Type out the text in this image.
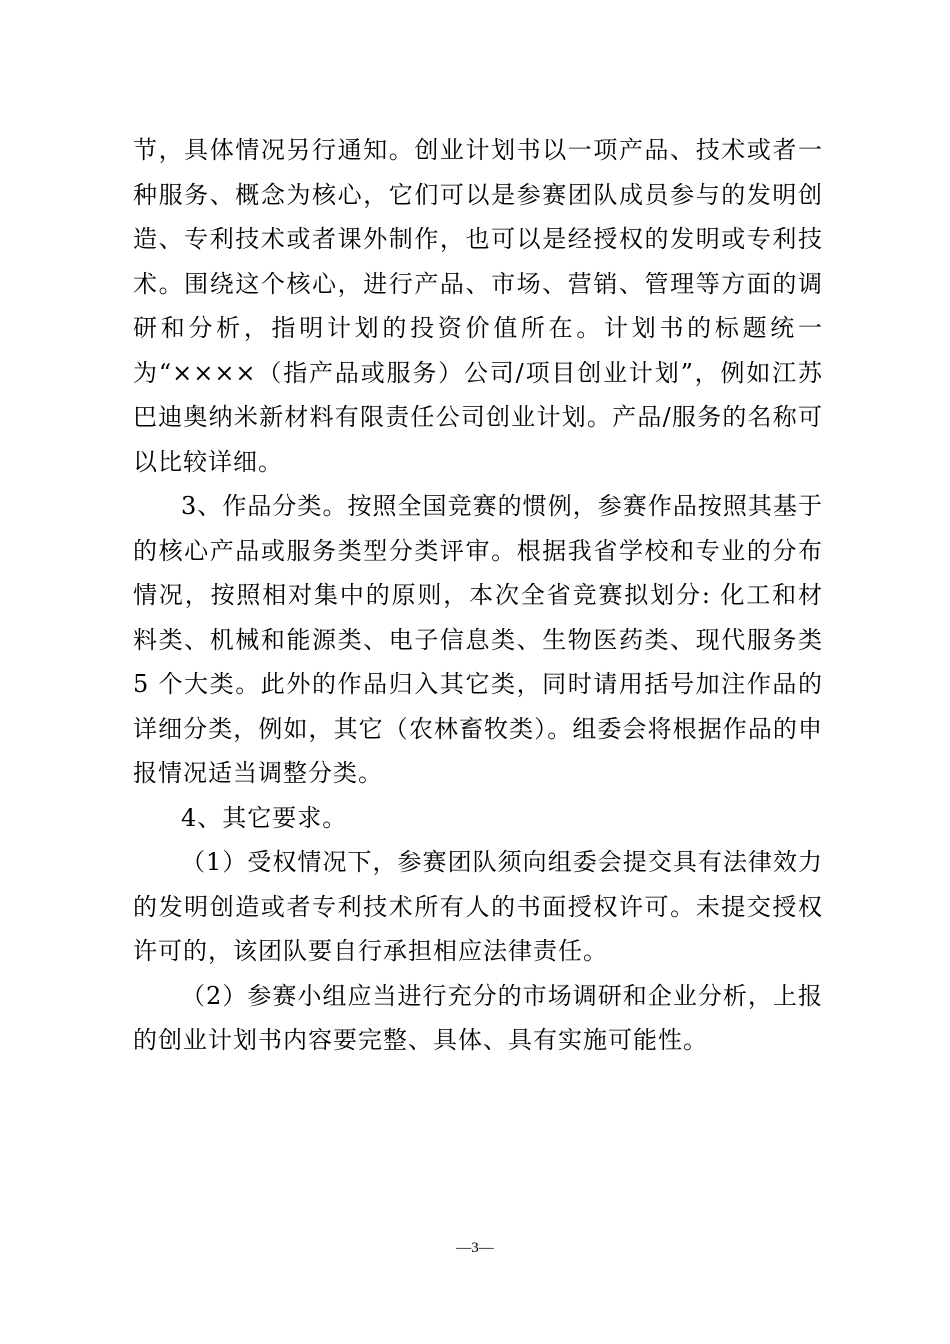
节，具体情况另行通知。创业计划书以一项产品、技术或者一种服务、概念为核心，它们可以是参赛团队成员参与的发明创造、专利技术或者课外制作，也可以是经授权的发明或专利技术。围绕这个核心，进行产品、市场、营销、管理等方面的调研和分析，指明计划的投资价值所在。计划书的标题统一为“××××（指产品或服务）公司/项目创业计划”，例如江苏巴迪奥纳米新材料有限责任公司创业计划。产品/服务的名称可以比较详细。

3、作品分类。按照全国竞赛的惯例，参赛作品按照其基于的核心产品或服务类型分类评审。根据我省学校和专业的分布情况，按照相对集中的原则，本次全省竞赛拟划分: 化工和材料类、机械和能源类、电子信息类、生物医药类、现代服务类 5 个大类。此外的作品归入其它类，同时请用括号加注作品的详细分类，例如，其它（农林畜牧类）。组委会将根据作品的申报情况适当调整分类。

4、其它要求。

（1）受权情况下，参赛团队须向组委会提交具有法律效力的发明创造或者专利技术所有人的书面授权许可。未提交授权许可的，该团队要自行承担相应法律责任。

（2）参赛小组应当进行充分的市场调研和企业分析，上报的创业计划书内容要完整、具体、具有实施可能性。

—3—
